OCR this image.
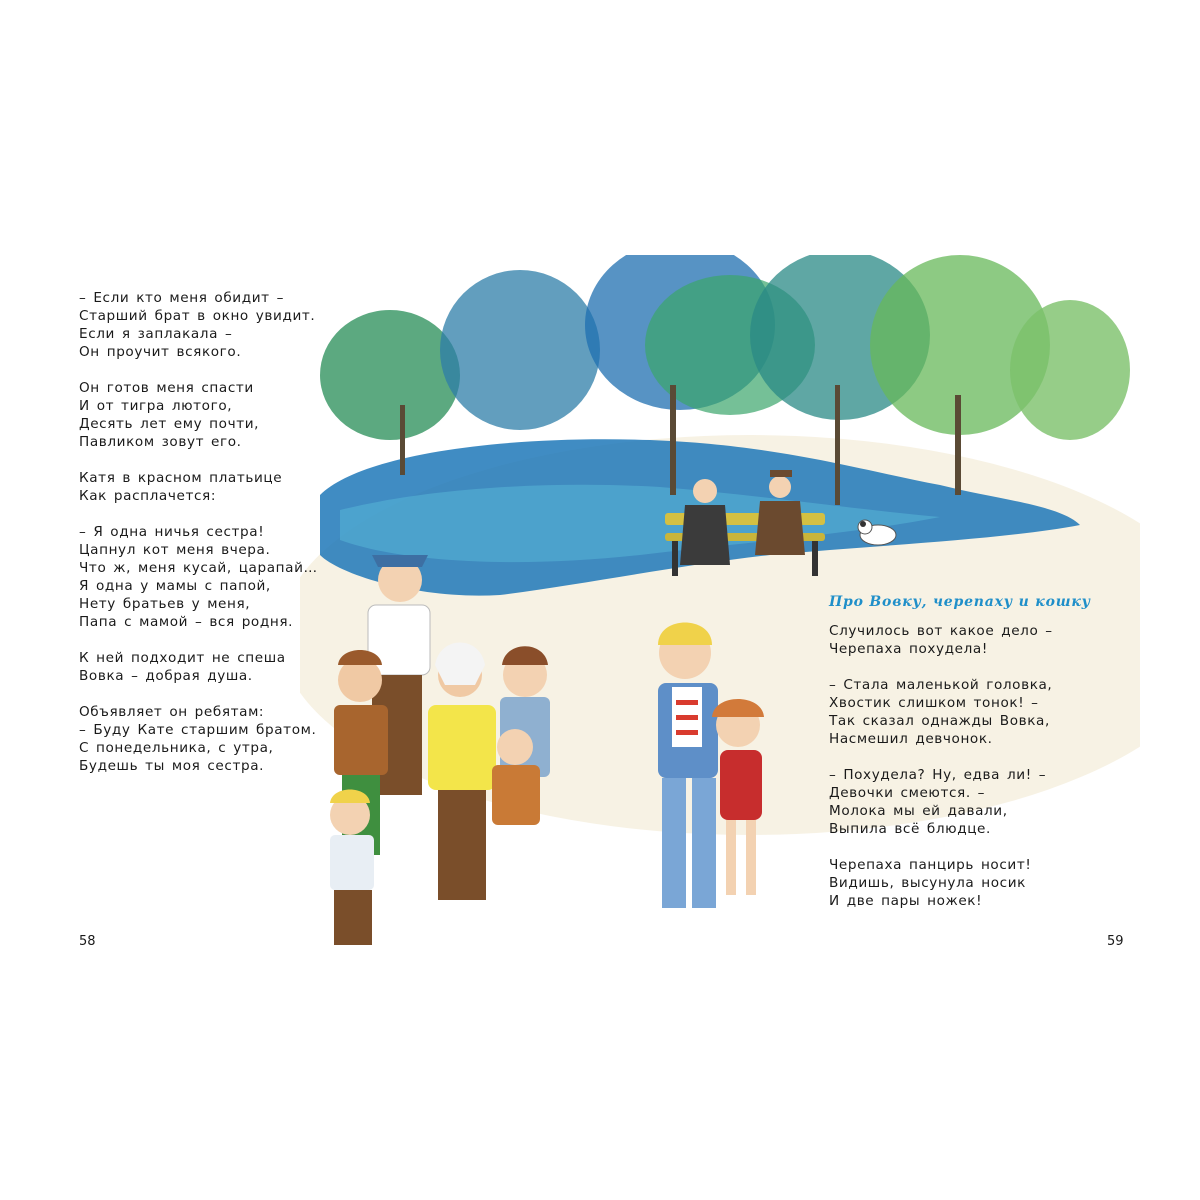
– Если кто меня обидит –
Старший брат в окно увидит.
Если я заплакала –
Он проучит всякого.
Он готов меня спасти
И от тигра лютого,
Десять лет ему почти,
Павликом зовут его.
Катя в красном платьице
Как расплачется:
– Я одна ничья сестра!
Цапнул кот меня вчера.
Что ж, меня кусай, царапай…
Я одна у мамы с папой,
Нету братьев у меня,
Папа с мамой – вся родня.
К ней подходит не спеша
Вовка – добрая душа.
Объявляет он ребятам:
– Буду Кате старшим братом.
С понедельника, с утра,
Будешь ты моя сестра.
Про Вовку, черепаху и кошку
Случилось вот какое дело –
Черепаха похудела!
– Стала маленькой головка,
Хвостик слишком тонок! –
Так сказал однажды Вовка,
Насмешил девчонок.
– Похудела? Ну, едва ли! –
Девочки смеются. –
Молока мы ей давали,
Выпила всё блюдце.
Черепаха панцирь носит!
Видишь, высунула носик
И две пары ножек!
58	59
